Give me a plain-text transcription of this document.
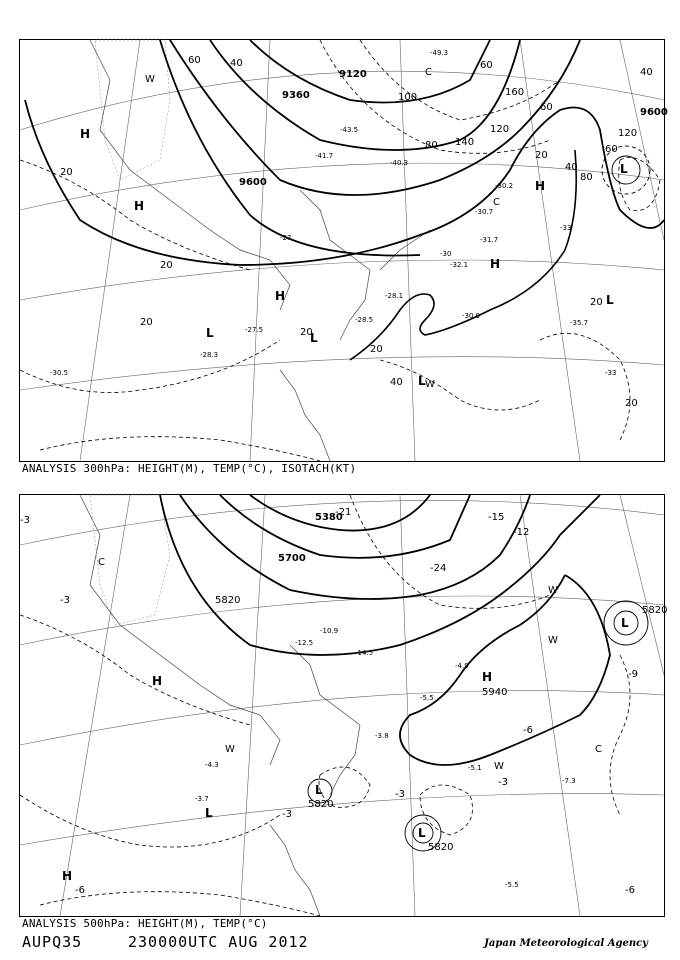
9120
9360
9600
9600
20
20
20
20
20
20
20
20
40
40
40
40
60
60
60
60
80
80
100
120	120
140
160
-30
-33
-27	-31.7
-30.9
-28.1
-28.5
-28.3
-27.5
-30.5
-32.1
-35.7
-30.7
-40.3
-49.3
-43.5
-41.7
-30.2
-33
H
H
H
H
H
L
L
L
L
L
C
C
W
W
ANALYSIS 300hPa: HEIGHT(M), TEMP(°C), ISOTACH(KT)
5380
5700
5820
5820
5820
5820
5940
-3
-3
-3
-3
-3
-6
-6
-6
-9
-12
-15
-21
-24
-5.1
-7.3
-3.7
-4.3
-5.5
-10.9
-12.5
-14.5
-4.9
-3.8
-5.5
H
H
H
L
L
L
L
C
C
W
W
W
W
ANALYSIS 500hPa: HEIGHT(M), TEMP(°C)
AUPQ35	230000UTC AUG 2012	Japan Meteorological Agency
